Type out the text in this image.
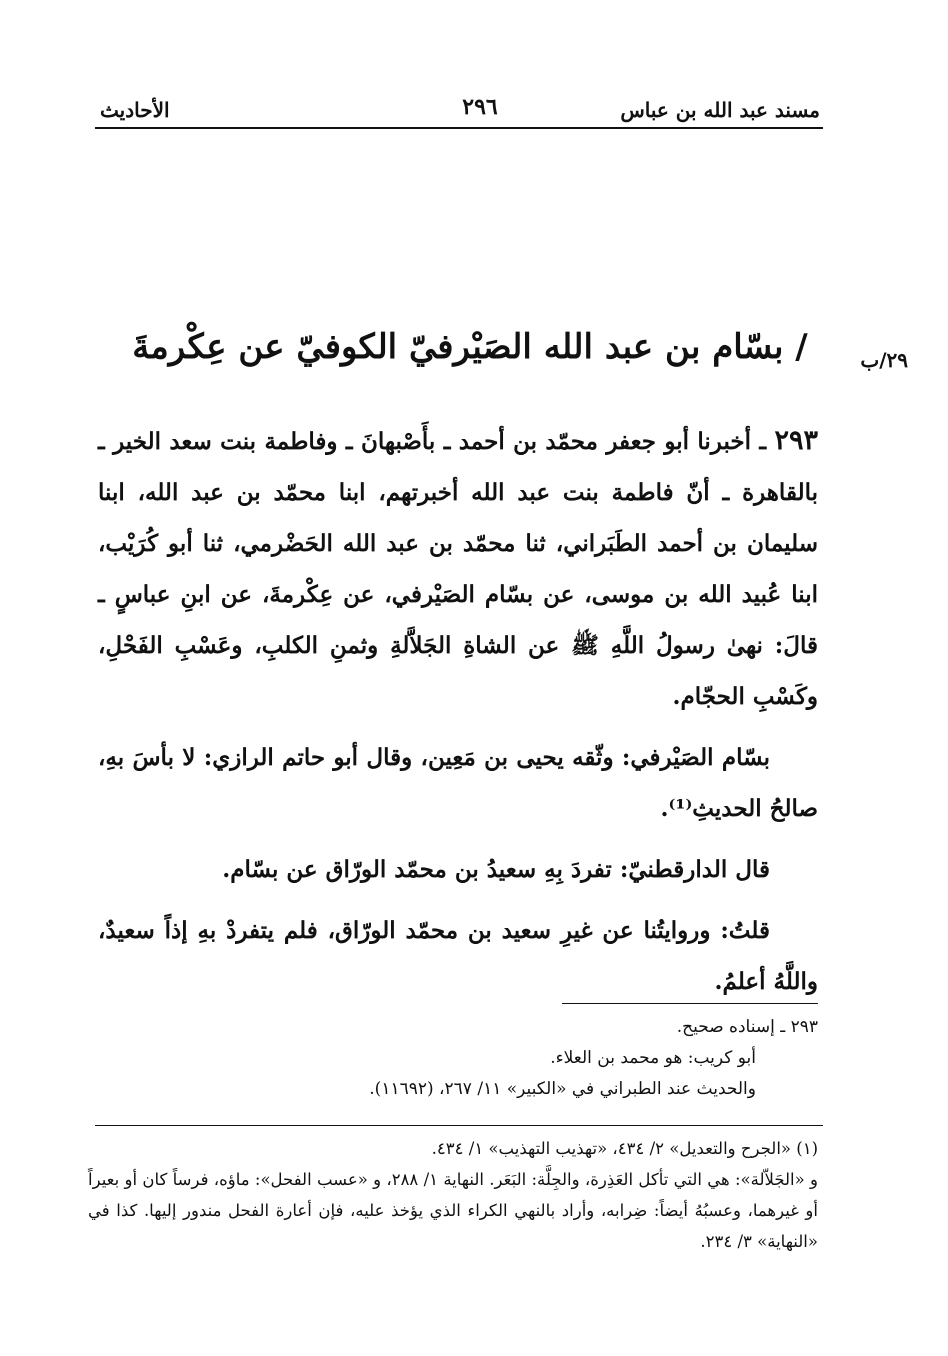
مسند عبد الله بن عباس
٢٩٦
الأحاديث
٢٩/ب
/ بسّام بن عبد الله الصَيْرفيّ الكوفيّ عن عِكْرمةَ

٢٩٣ ـ أخبرنا أبو جعفر محمّد بن أحمد ـ بأَصْبهانَ ـ وفاطمة بنت سعد الخير ـ بالقاهرة ـ أنّ فاطمة بنت عبد الله أخبرتهم، ابنا محمّد بن عبد الله، ابنا سليمان بن أحمد الطَبَراني، ثنا محمّد بن عبد الله الحَضْرمي، ثنا أبو كُرَيْب، ابنا عُبيد الله بن موسى، عن بسّام الصَيْرفي، عن عِكْرمةَ، عن ابنِ عباسٍ ـ قالَ: نهىٰ رسولُ اللَّهِ ﷺ عن الشاةِ الجَلاَّلةِ وثمنِ الكلبِ، وعَسْبِ الفَحْلِ، وكَسْبِ الحجّام.

بسّام الصَيْرفي: وثّقه يحيى بن مَعِين، وقال أبو حاتم الرازي: لا بأسَ بهِ، صالحُ الحديثِ⁽¹⁾.

قال الدارقطنيّ: تفردَ بِهِ سعيدُ بن محمّد الورّاق عن بسّام.

قلتُ: وروايتُنا عن غيرِ سعيد بن محمّد الورّاق، فلم يتفردْ بهِ إذاً سعيدٌ، واللَّهُ أعلمُ.

٢٩٣ ـ إسناده صحيح.
أبو كريب: هو محمد بن العلاء.
والحديث عند الطبراني في «الكبير» ١١/ ٢٦٧، (١١٦٩٢).
(١) «الجرح والتعديل» ٢/ ٤٣٤، «تهذيب التهذيب» ١/ ٤٣٤.
و «الجَلاّلة»: هي التي تأكل العَذِرة، والجِلَّة: البَعَر. النهاية ١/ ٢٨٨، و «عسب الفحل»: ماؤه، فرساً كان أو بعيراً أو غيرهما، وعسبُهُ أيضاً: ضِرابه، وأراد بالنهي الكراء الذي يؤخذ عليه، فإن أعارة الفحل مندور إليها. كذا في «النهاية» ٣/ ٢٣٤.
